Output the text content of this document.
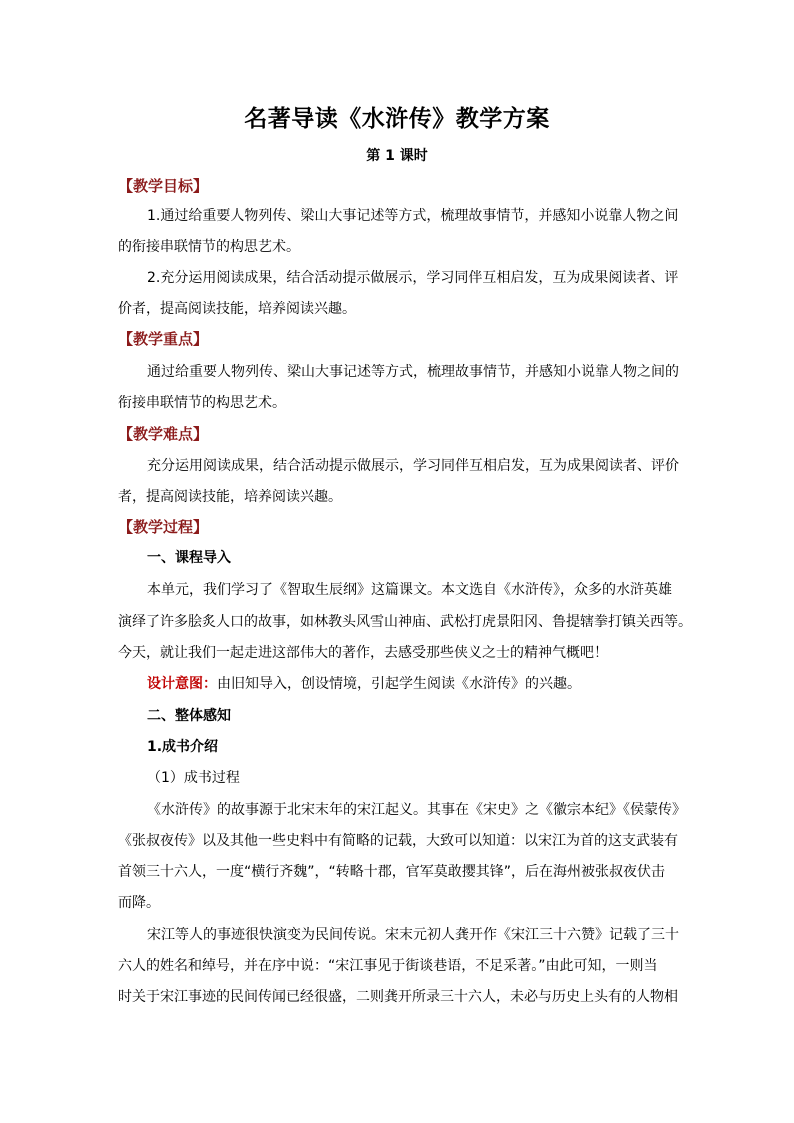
名著导读《水浒传》教学方案
第 1 课时
【教学目标】
1.通过给重要人物列传、梁山大事记述等方式，梳理故事情节，并感知小说靠人物之间
的衔接串联情节的构思艺术。
2.充分运用阅读成果，结合活动提示做展示，学习同伴互相启发，互为成果阅读者、评
价者，提高阅读技能，培养阅读兴趣。
【教学重点】
通过给重要人物列传、梁山大事记述等方式，梳理故事情节，并感知小说靠人物之间的
衔接串联情节的构思艺术。
【教学难点】
充分运用阅读成果，结合活动提示做展示，学习同伴互相启发，互为成果阅读者、评价
者，提高阅读技能，培养阅读兴趣。
【教学过程】
一、课程导入
本单元，我们学习了《智取生辰纲》这篇课文。本文选自《水浒传》，众多的水浒英雄
演绎了许多脍炙人口的故事，如林教头风雪山神庙、武松打虎景阳冈、鲁提辖拳打镇关西等。
今天，就让我们一起走进这部伟大的著作，去感受那些侠义之士的精神气概吧！
设计意图：由旧知导入，创设情境，引起学生阅读《水浒传》的兴趣。
二、整体感知
1.成书介绍
（1）成书过程
《水浒传》的故事源于北宋末年的宋江起义。其事在《宋史》之《徽宗本纪》《侯蒙传》
《张叔夜传》以及其他一些史料中有简略的记载，大致可以知道：以宋江为首的这支武装有
首领三十六人，一度“横行齐魏”，“转略十郡，官军莫敢撄其锋”，后在海州被张叔夜伏击
而降。
宋江等人的事迹很快演变为民间传说。宋末元初人龚开作《宋江三十六赞》记载了三十
六人的姓名和绰号，并在序中说：“宋江事见于街谈巷语，不足采著。”由此可知，一则当
时关于宋江事迹的民间传闻已经很盛，二则龚开所录三十六人，未必与历史上头有的人物相
